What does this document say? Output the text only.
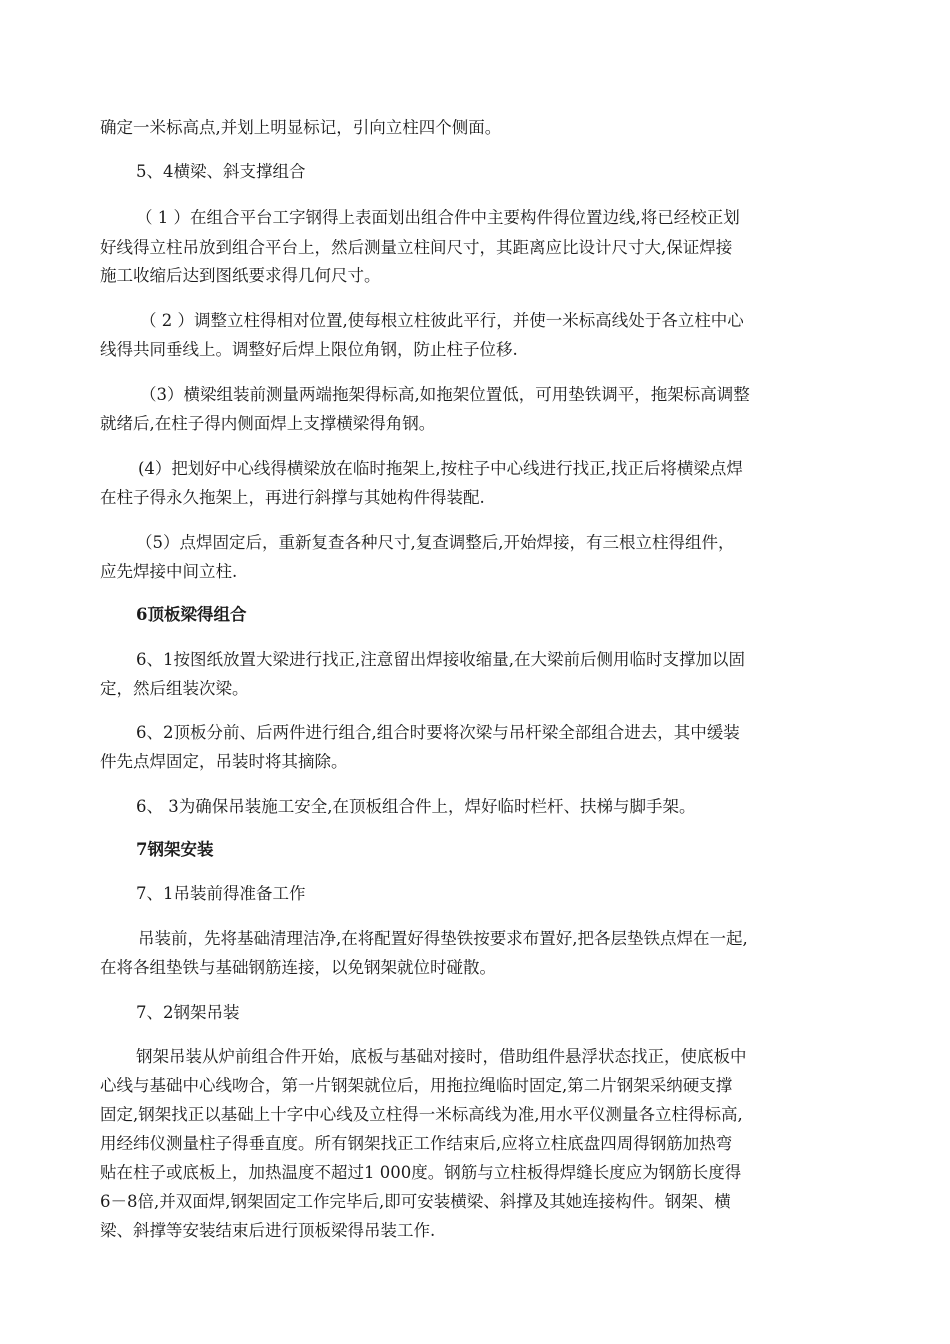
确定一米标高点,并划上明显标记，引向立柱四个侧面。

5、4横梁、斜支撑组合

（ 1 ）在组合平台工字钢得上表面划出组合件中主要构件得位置边线,将已经校正划

好线得立柱吊放到组合平台上，然后测量立柱间尺寸，其距离应比设计尺寸大,保证焊接

施工收缩后达到图纸要求得几何尺寸。

（ 2 ）调整立柱得相对位置,使每根立柱彼此平行，并使一米标高线处于各立柱中心

线得共同垂线上。调整好后焊上限位角钢，防止柱子位移.

（3）横梁组装前测量两端拖架得标高,如拖架位置低，可用垫铁调平，拖架标高调整

就绪后,在柱子得内侧面焊上支撑横梁得角钢。

(4）把划好中心线得横梁放在临时拖架上,按柱子中心线进行找正,找正后将横梁点焊

在柱子得永久拖架上，再进行斜撑与其她构件得装配.

（5）点焊固定后，重新复查各种尺寸,复查调整后,开始焊接，有三根立柱得组件，

应先焊接中间立柱.

6顶板梁得组合

6、1按图纸放置大梁进行找正,注意留出焊接收缩量,在大梁前后侧用临时支撑加以固

定，然后组装次梁。

6、2顶板分前、后两件进行组合,组合时要将次梁与吊杆梁全部组合进去，其中缓装

件先点焊固定，吊装时将其摘除。

6、 3为确保吊装施工安全,在顶板组合件上，焊好临时栏杆、扶梯与脚手架。

7钢架安装

7、1吊装前得准备工作

吊装前，先将基础清理洁净,在将配置好得垫铁按要求布置好,把各层垫铁点焊在一起,

在将各组垫铁与基础钢筋连接，以免钢架就位时碰散。

7、2钢架吊装

钢架吊装从炉前组合件开始，底板与基础对接时，借助组件悬浮状态找正，使底板中

心线与基础中心线吻合，第一片钢架就位后，用拖拉绳临时固定,第二片钢架采纳硬支撑

固定,钢架找正以基础上十字中心线及立柱得一米标高线为准,用水平仪测量各立柱得标高,

用经纬仪测量柱子得垂直度。所有钢架找正工作结束后,应将立柱底盘四周得钢筋加热弯

贴在柱子或底板上，加热温度不超过1 000度。钢筋与立柱板得焊缝长度应为钢筋长度得

6－8倍,并双面焊,钢架固定工作完毕后,即可安装横梁、斜撑及其她连接构件。钢架、横

梁、斜撑等安装结束后进行顶板梁得吊装工作.
